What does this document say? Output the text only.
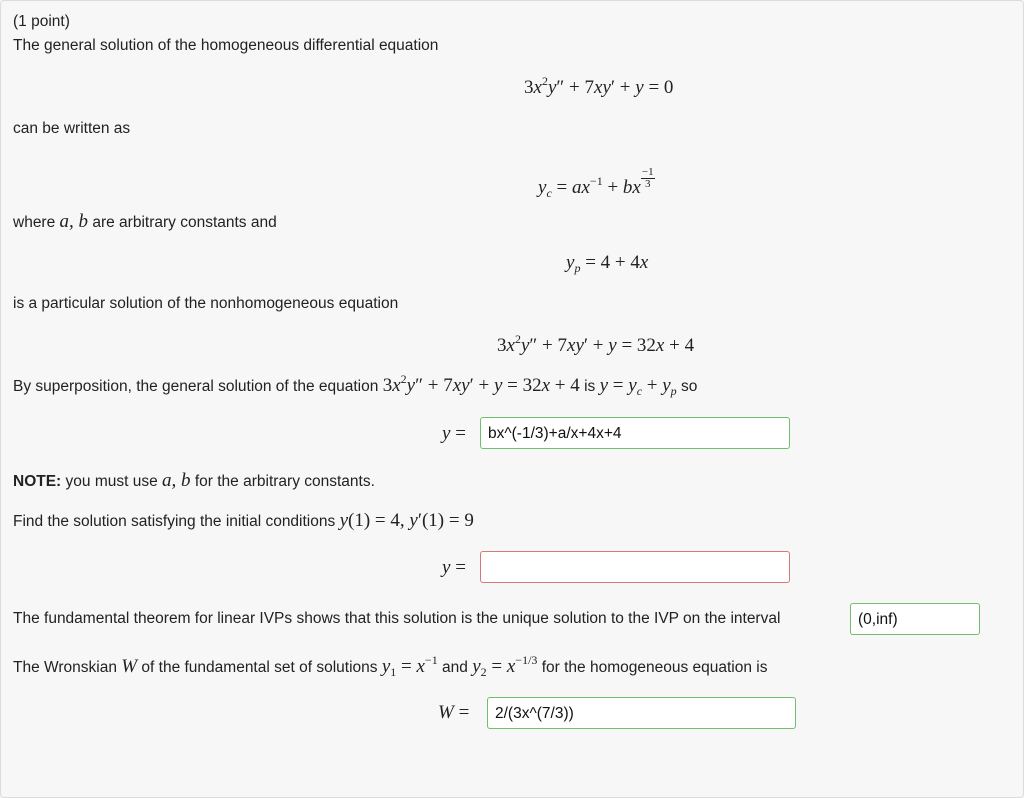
(1 point)
The general solution of the homogeneous differential equation
$3x^2y'' + 7xy' + y = 0$
can be written as
$y_c = ax^{-1}$ + bx $\frac{-1}{3}$
where a, b are arbitrary constants and
$y_p = 4 + 4x$
is a particular solution of the nonhomogeneous equation
$3x^2y'' + 7xy' + y = 32x + 4$
By superposition, the general solution of the equation $3x^2y'' + 7xy' + y = 32x + 4$ is $y = y_c + y_p$ so
y =	bx^(-1/3)+a/x+4x+4
NOTE: you must use a, b for the arbitrary constants.
Find the solution satisfying the initial conditions y(1) = 4, y′(1) = 9
y =
The fundamental theorem for linear IVPs shows that this solution is the unique solution to the IVP on the interval	(0,inf)
The Wronskian W of the fundamental set of solutions $y_1 = x^{-1}$ and $y_2 = x^{-1/3}$ for the homogeneous equation is
W =	2/(3x^(7/3))
